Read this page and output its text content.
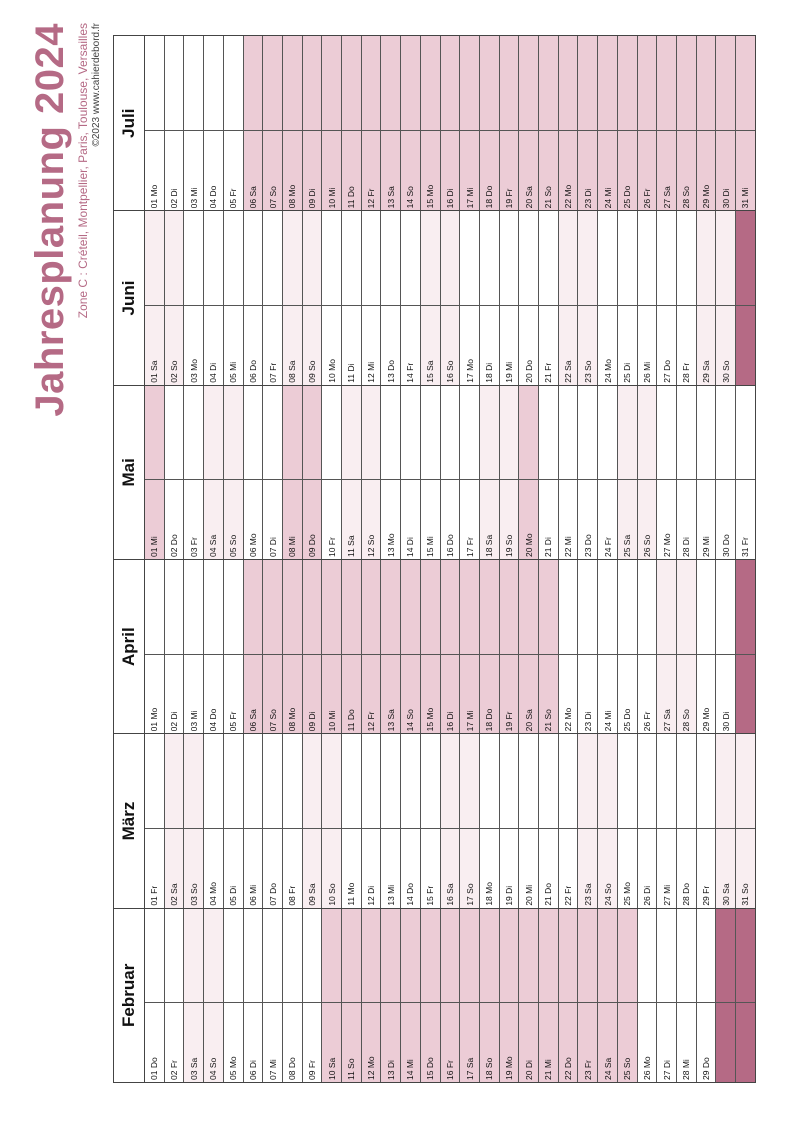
Jahresplanung 2024 Zone C : Créteil, Montpellier, Paris, Toulouse, Versailles ©2023 www.cahierdebord.fr
Februar
01 Do	02 Fr	03 Sa	04 So	05 Mo	06 Di	07 Mi	08 Do	09 Fr	10 Sa	11 So	12 Mo	13 Di	14 Mi	15 Do	16 Fr	17 Sa	18 So	19 Mo	20 Di	21 Mi	22 Do	23 Fr	24 Sa	25 So	26 Mo	27 Di	28 Mi	29 Do
März
01 Fr	02 Sa	03 So	04 Mo	05 Di	06 Mi	07 Do	08 Fr	09 Sa	10 So	11 Mo	12 Di	13 Mi	14 Do	15 Fr	16 Sa	17 So	18 Mo	19 Di	20 Mi	21 Do	22 Fr	23 Sa	24 So	25 Mo	26 Di	27 Mi	28 Do	29 Fr	30 Sa	31 So
April
01 Mo	02 Di	03 Mi	04 Do	05 Fr	06 Sa	07 So	08 Mo	09 Di	10 Mi	11 Do	12 Fr	13 Sa	14 So	15 Mo	16 Di	17 Mi	18 Do	19 Fr	20 Sa	21 So	22 Mo	23 Di	24 Mi	25 Do	26 Fr	27 Sa	28 So	29 Mo	30 Di
Mai
01 Mi	02 Do	03 Fr	04 Sa	05 So	06 Mo	07 Di	08 Mi	09 Do	10 Fr	11 Sa	12 So	13 Mo	14 Di	15 Mi	16 Do	17 Fr	18 Sa	19 So	20 Mo	21 Di	22 Mi	23 Do	24 Fr	25 Sa	26 So	27 Mo	28 Di	29 Mi	30 Do	31 Fr
Juni
01 Sa	02 So	03 Mo	04 Di	05 Mi	06 Do	07 Fr	08 Sa	09 So	10 Mo	11 Di	12 Mi	13 Do	14 Fr	15 Sa	16 So	17 Mo	18 Di	19 Mi	20 Do	21 Fr	22 Sa	23 So	24 Mo	25 Di	26 Mi	27 Do	28 Fr	29 Sa	30 So
Juli
01 Mo	02 Di	03 Mi	04 Do	05 Fr	06 Sa	07 So	08 Mo	09 Di	10 Mi	11 Do	12 Fr	13 Sa	14 So	15 Mo	16 Di	17 Mi	18 Do	19 Fr	20 Sa	21 So	22 Mo	23 Di	24 Mi	25 Do	26 Fr	27 Sa	28 So	29 Mo	30 Di	31 Mi
